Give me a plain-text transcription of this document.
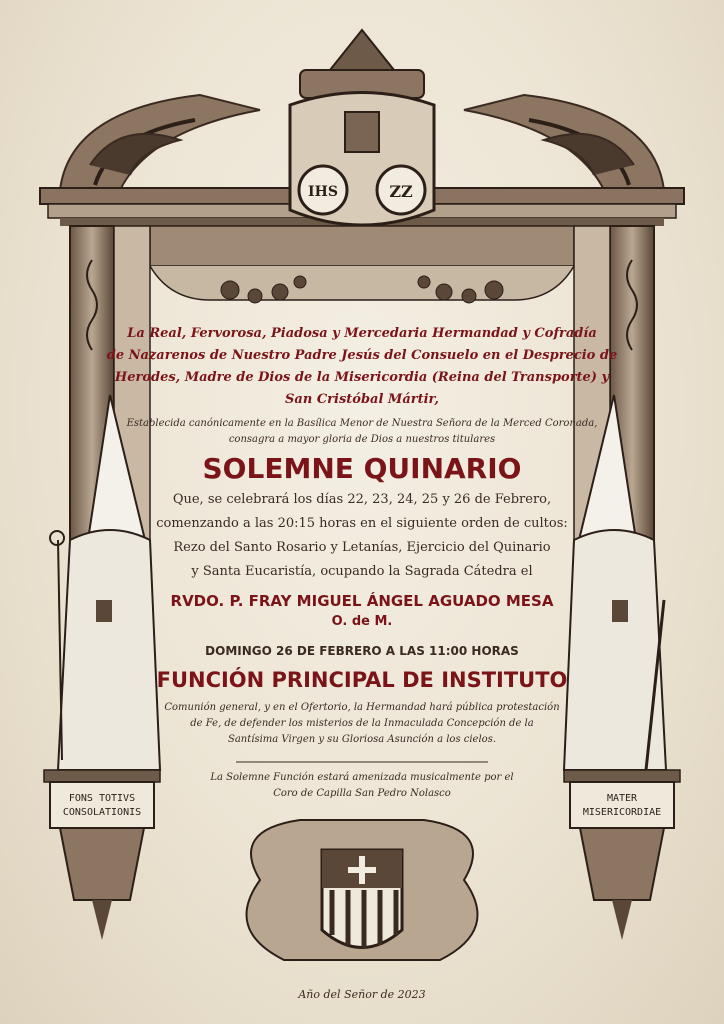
IHS	ZZ
La Real, Fervorosa, Piadosa y Mercedaria Hermandad y Cofradía
de Nazarenos de Nuestro Padre Jesús del Consuelo en el Desprecio de
Herodes, Madre de Dios de la Misericordia (Reina del Transporte) y
San Cristóbal Mártir,
Establecida canónicamente en la Basílica Menor de Nuestra Señora de la Merced Coronada,
consagra a mayor gloria de Dios a nuestros titulares
SOLEMNE QUINARIO
Que, se celebrará los días 22, 23, 24, 25 y 26 de Febrero,
comenzando a las 20:15 horas en el siguiente orden de cultos:
Rezo del Santo Rosario y Letanías, Ejercicio del Quinario
y Santa Eucaristía, ocupando la Sagrada Cátedra el
RVDO. P. FRAY MIGUEL ÁNGEL AGUADO MESA
O. de M.
DOMINGO 26 DE FEBRERO A LAS 11:00 HORAS
FUNCIÓN PRINCIPAL DE INSTITUTO
Comunión general, y en el Ofertorio, la Hermandad hará pública protestación
de Fe, de defender los misterios de la Inmaculada Concepción de la
Santísima Virgen y su Gloriosa Asunción a los cielos.
La Solemne Función estará amenizada musicalmente por el
Coro de Capilla San Pedro Nolasco
FONS TOTIVS
CONSOLATIONIS
MATER
MISERICORDIAE
Año del Señor de 2023
